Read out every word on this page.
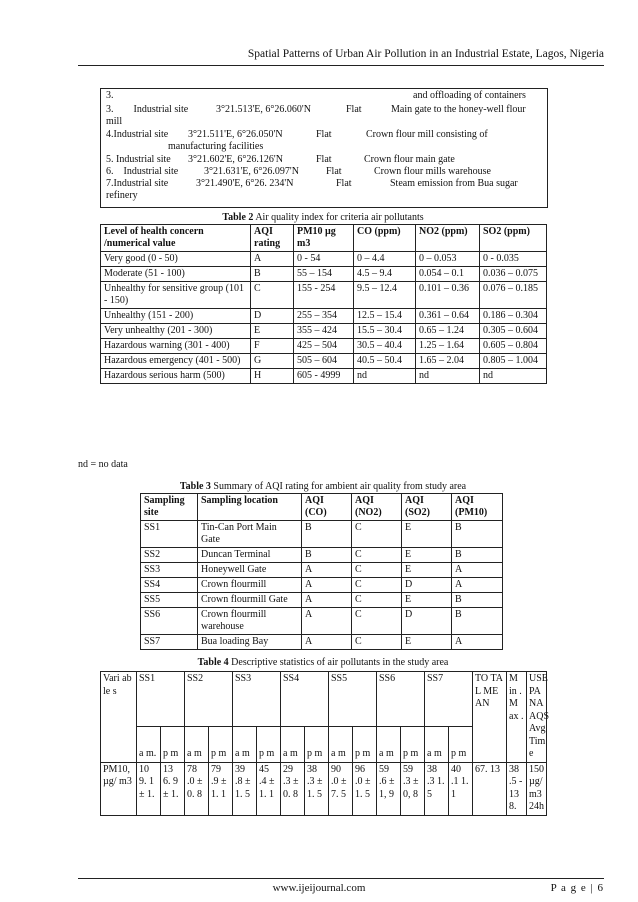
Spatial Patterns of Urban Air Pollution in an Industrial Estate, Lagos, Nigeria
3.	and offloading of containers
3.        Industrial site	3°21.513'E, 6°26.060'N	Flat	Main gate to the honey-well flour
mill
4.Industrial site 3°21.511'E, 6°26.050'N	Flat	Crown flour mill consisting of
manufacturing facilities
5. Industrial site 3°21.602'E, 6°26.126'N	Flat	Crown flour main gate
6.    Industrial site	3°21.631'E, 6°26.097'N	Flat	Crown flour mills warehouse
7.Industrial site	3°21.490'E, 6°26. 234'N	Flat	Steam emission from Bua sugar
refinery
Table 2 Air quality index for criteria air pollutants
Level of health concern /numerical value	AQI rating	PM10 µg m3	CO (ppm)	NO2 (ppm)	SO2 (ppm)
Very good (0 - 50)	A	0 - 54	0 – 4.4	0 – 0.053	0 - 0.035
Moderate (51 - 100)	B	55 – 154	4.5 – 9.4	0.054 – 0.1	0.036 – 0.075
Unhealthy for sensitive group (101 - 150)	C	155 - 254	9.5 – 12.4	0.101 – 0.36	0.076 – 0.185
Unhealthy (151 - 200)	D	255 – 354	12.5 – 15.4	0.361 – 0.64	0.186 – 0.304
Very unhealthy (201 - 300)	E	355 – 424	15.5 – 30.4	0.65 – 1.24	0.305 – 0.604
Hazardous warning (301 - 400)	F	425 – 504	30.5 – 40.4	1.25 – 1.64	0.605 – 0.804
Hazardous emergency (401 - 500)	G	505 – 604	40.5 – 50.4	1.65 – 2.04	0.805 – 1.004
Hazardous serious harm (500)	H	605 - 4999	nd	nd	nd
nd = no data
Table 3 Summary of AQI rating for ambient air quality from study area
Sampling site	Sampling location	AQI (CO)	AQI (NO2)	AQI (SO2)	AQI (PM10)
SS1	Tin-Can Port Main Gate	B	C	E	B
SS2	Duncan Terminal	B	C	E	B
SS3	Honeywell Gate	A	C	E	A
SS4	Crown flourmill	A	C	D	A
SS5	Crown flourmill Gate	A	C	E	B
SS6	Crown flourmill warehouse	A	C	D	B
SS7	Bua loading Bay	A	C	E	A
Table 4 Descriptive statistics of air pollutants in the study area
Vari able s	SS1		SS2		SS3		SS4		SS5		SS6		SS7		TO TA L ME AN	M in . M ax .	USE PA NA AQS Avg Tim e
	a m.	p m	a m	p m	a m	p m	a m	p m	a m	p m	a m	p m	a m	p m			
PM10, µg/ m3	10 9. 1 ± 1.	13 6. 9 ± 1.	78 .0 ± 0. 8	79 .9 ± 1. 1	39 .8 ± 1. 5	45 .4 ± 1. 1	29 .3 ± 0. 8	38 .3 ± 1. 5	90 .0 ± 7. 5	96 .0 ± 1. 5	59 .6 ± 1, 9	59 .3 ± 0, 8	38 .3 1. 5	40 .1 1. 1	67. 13	38 .5 - 13 8.	150 µg/ m3 24h
www.ijeijournal.com	P a g e | 6
